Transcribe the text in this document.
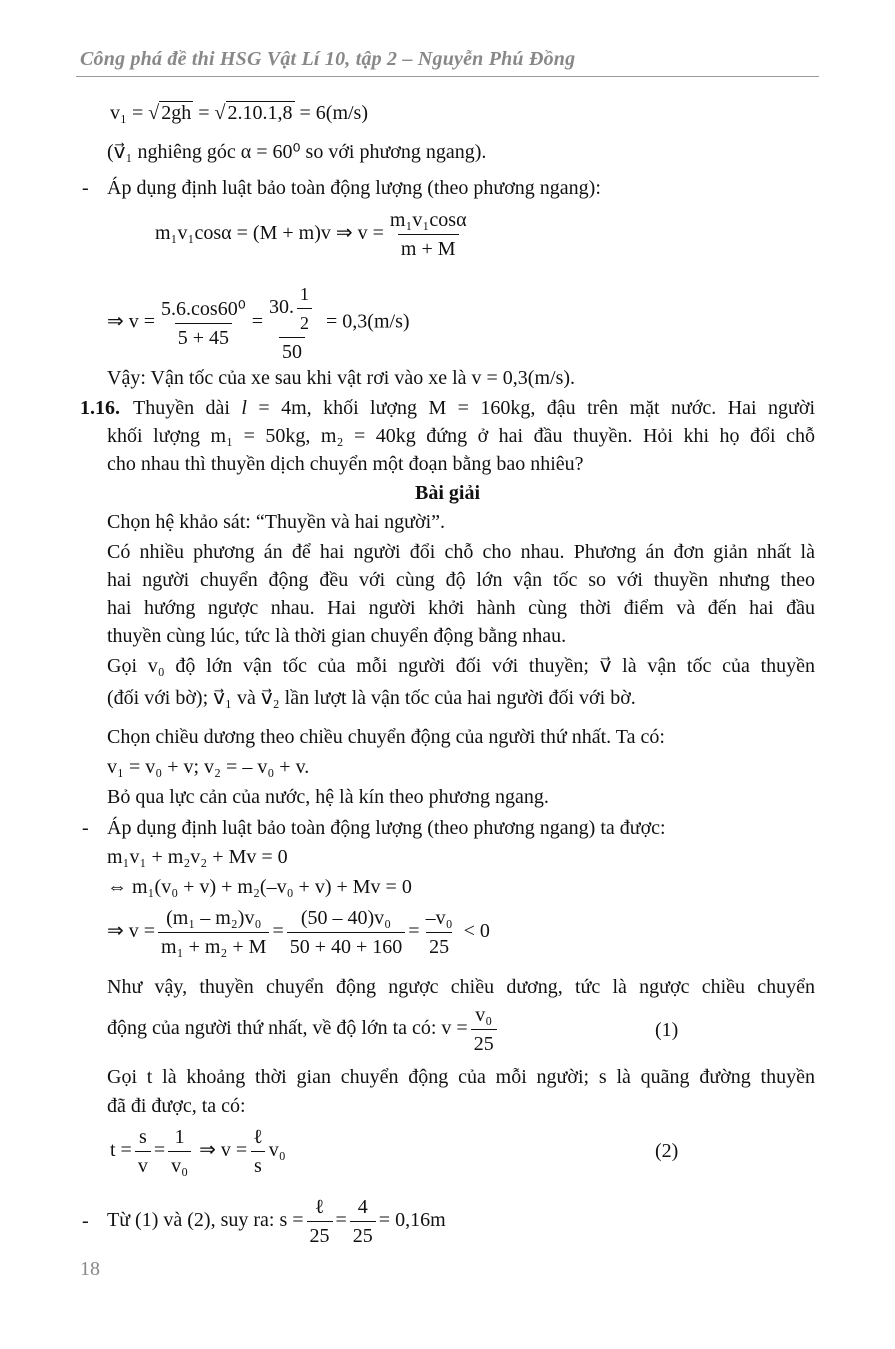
Công phá đề thi HSG Vật Lí 10, tập 2 – Nguyễn Phú Đồng
v₁ = √ 2gh = √ 2.10.1,8 = 6(m/s)
(v⃗₁ nghiêng góc α = 60⁰ so với phương ngang).
- Áp dụng định luật bảo toàn động lượng (theo phương ngang):
m₁v₁cosα = (M + m)v ⇒ $v = \frac{\text{m₁v₁cosα}}{m + M}$
⇒ $v = \frac{\text{5.6.cos60⁰}}{5 + 45} = \frac{30. \frac{1}{2}}{50} = 0,3(m/s)$
Vậy: Vận tốc của xe sau khi vật rơi vào xe là v = 0,3(m/s).
1.16. Thuyền dài l = 4m, khối lượng M = 160kg, đậu trên mặt nước. Hai người
khối lượng m₁ = 50kg, m₂ = 40kg đứng ở hai đầu thuyền. Hỏi khi họ đổi chỗ
cho nhau thì thuyền dịch chuyển một đoạn bằng bao nhiêu?
Bài giải
Chọn hệ khảo sát: “Thuyền và hai người”.
Có nhiều phương án để hai người đổi chỗ cho nhau. Phương án đơn giản nhất là
hai người chuyển động đều với cùng độ lớn vận tốc so với thuyền nhưng theo
hai hướng ngược nhau. Hai người khởi hành cùng thời điểm và đến hai đầu
thuyền cùng lúc, tức là thời gian chuyển động bằng nhau.
Gọi v₀ độ lớn vận tốc của mỗi người đối với thuyền; v⃗ là vận tốc của thuyền
(đối với bờ); v⃗₁ và v⃗₂ lần lượt là vận tốc của hai người đối với bờ.
Chọn chiều dương theo chiều chuyển động của người thứ nhất. Ta có:
v₁ = v₀ + v; v₂ = – v₀ + v.
Bỏ qua lực cản của nước, hệ là kín theo phương ngang.
- Áp dụng định luật bảo toàn động lượng (theo phương ngang) ta được:
m₁v₁ + m₂v₂ + Mv = 0
⇔ m₁(v₀ + v) + m₂(–v₀ + v) + Mv = 0
⇒ $v = \frac{\text{(m₁ – m₂)v₀}}{\text{m₁ + m₂ + M}} = \frac{\text{(50 – 40)v₀}}{50 + 40 + 160} = \frac{\text{–v₀}}{25} < 0$
Như vậy, thuyền chuyển động ngược chiều dương, tức là ngược chiều chuyển
động của người thứ nhất, về độ lớn ta có: $v = \frac{\text{v₀}}{25}$	(1)
Gọi t là khoảng thời gian chuyển động của mỗi người; s là quãng đường thuyền
đã đi được, ta có:
$t = \frac{s}{v} = \frac{1}{\text{v₀}}$ ⇒ $v = \frac{\text{ℓ}}{s} v_0$	(2)
- Từ (1) và (2), suy ra: $s = \frac{\text{ℓ}}{25} = \frac{4}{25} = 0,16m$
18
